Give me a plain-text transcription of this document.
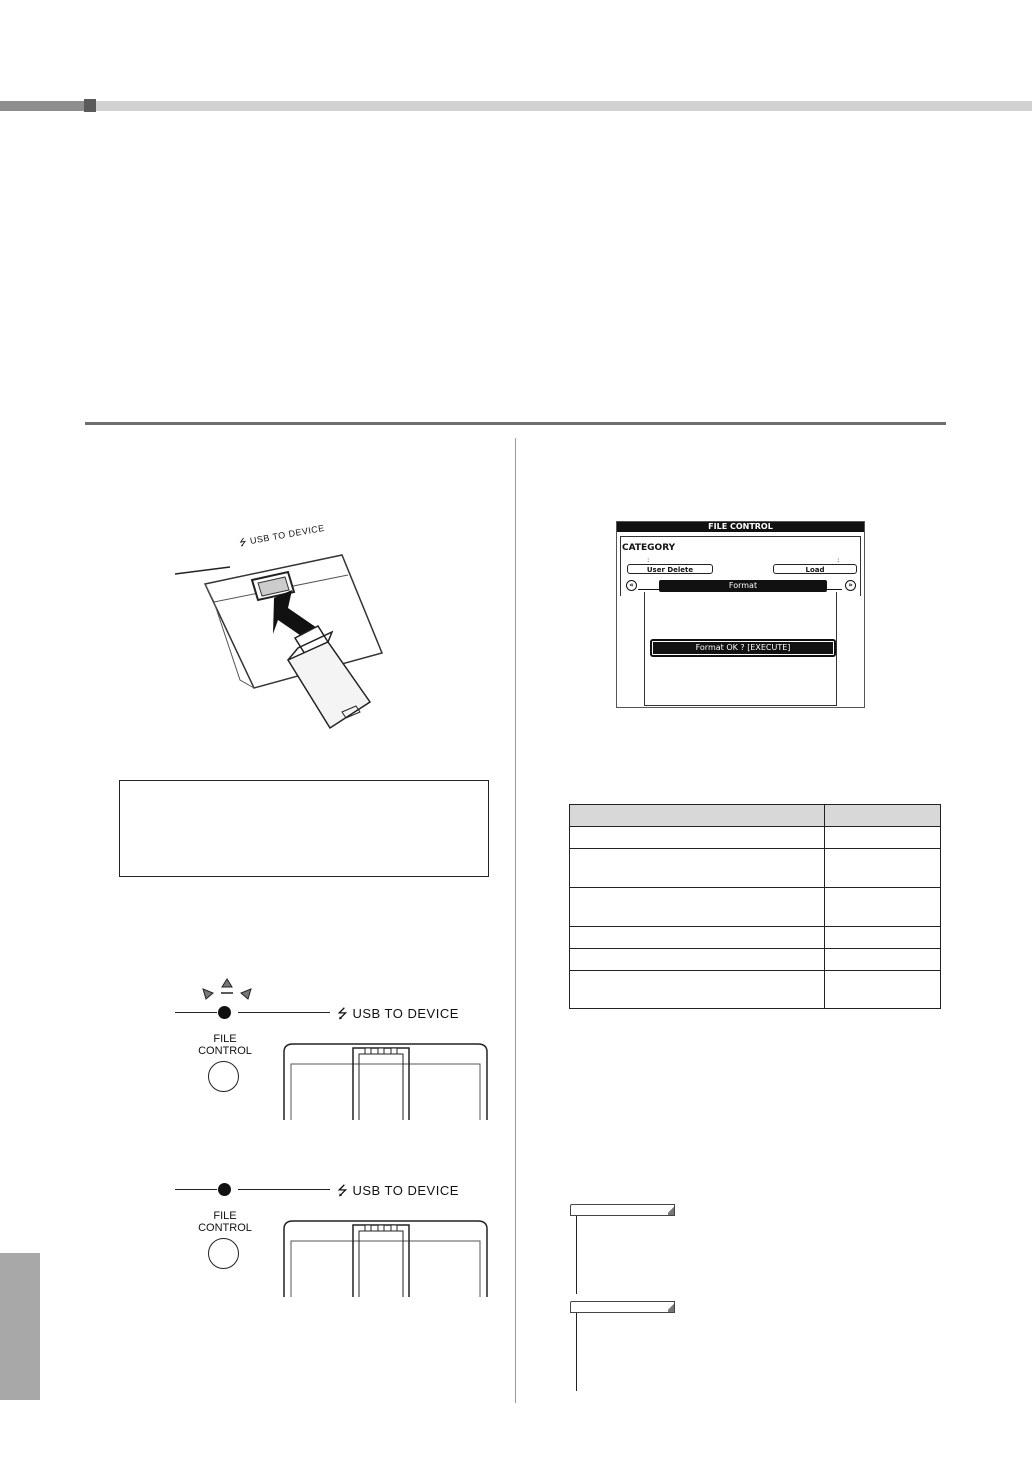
⭍ USB TO DEVICE
⭍ USB TO DEVICE
FILE
CONTROL
⭍ USB TO DEVICE
FILE
CONTROL
FILE CONTROL
CATEGORY
:	:
User Delete	Load
«	»
Format
Format OK ? [EXECUTE]
